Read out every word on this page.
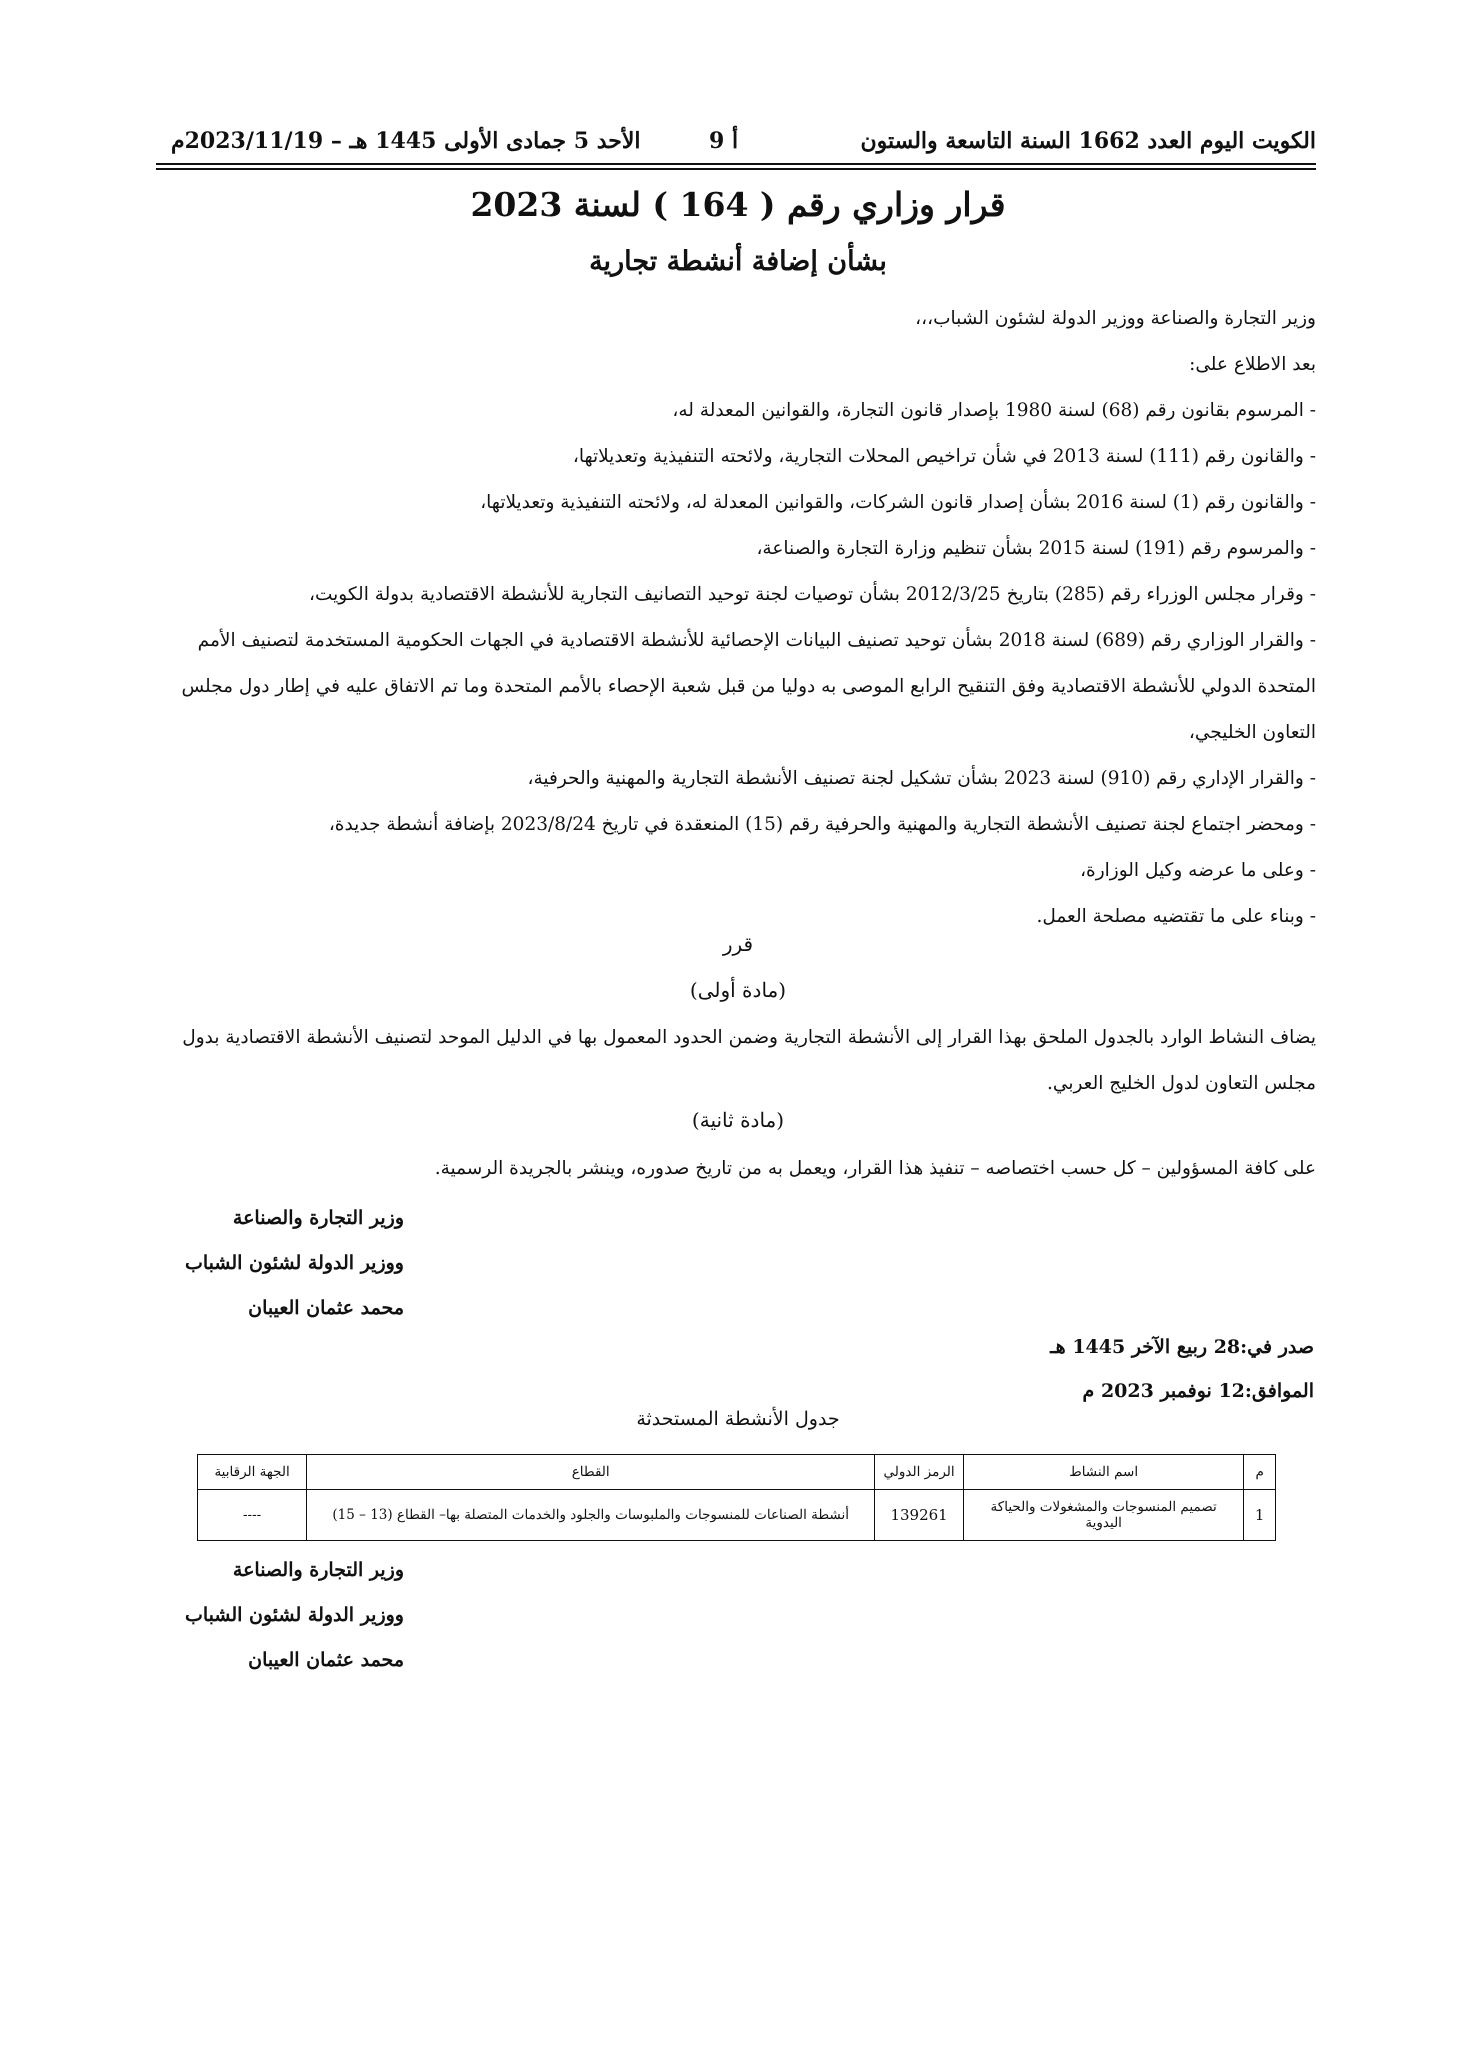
الكويت اليوم العدد 1662 السنة التاسعة والستون
أ 9
الأحد 5 جمادى الأولى 1445 هـ – 2023/11/19م
قرار وزاري رقم ( 164 ) لسنة 2023
بشأن إضافة أنشطة تجارية

وزير التجارة والصناعة ووزير الدولة لشئون الشباب،،،

بعد الاطلاع على:

- المرسوم بقانون رقم (68) لسنة 1980 بإصدار قانون التجارة، والقوانين المعدلة له،

- والقانون رقم (111) لسنة 2013 في شأن تراخيص المحلات التجارية، ولائحته التنفيذية وتعديلاتها،

- والقانون رقم (1) لسنة 2016 بشأن إصدار قانون الشركات، والقوانين المعدلة له، ولائحته التنفيذية وتعديلاتها،

- والمرسوم رقم (191) لسنة 2015 بشأن تنظيم وزارة التجارة والصناعة،

- وقرار مجلس الوزراء رقم (285) بتاريخ 2012/3/25 بشأن توصيات لجنة توحيد التصانيف التجارية للأنشطة الاقتصادية بدولة الكويت،

- والقرار الوزاري رقم (689) لسنة 2018 بشأن توحيد تصنيف البيانات الإحصائية للأنشطة الاقتصادية في الجهات الحكومية المستخدمة لتصنيف الأمم المتحدة الدولي للأنشطة الاقتصادية وفق التنقيح الرابع الموصى به دوليا من قبل شعبة الإحصاء بالأمم المتحدة وما تم الاتفاق عليه في إطار دول مجلس التعاون الخليجي،

- والقرار الإداري رقم (910) لسنة 2023 بشأن تشكيل لجنة تصنيف الأنشطة التجارية والمهنية والحرفية،

- ومحضر اجتماع لجنة تصنيف الأنشطة التجارية والمهنية والحرفية رقم (15) المنعقدة في تاريخ 2023/8/24 بإضافة أنشطة جديدة،

- وعلى ما عرضه وكيل الوزارة،

- وبناء على ما تقتضيه مصلحة العمل.

قرر
(مادة أولى)
يضاف النشاط الوارد بالجدول الملحق بهذا القرار إلى الأنشطة التجارية وضمن الحدود المعمول بها في الدليل الموحد لتصنيف الأنشطة الاقتصادية بدول مجلس التعاون لدول الخليج العربي.
(مادة ثانية)
على كافة المسؤولين – كل حسب اختصاصه – تنفيذ هذا القرار، ويعمل به من تاريخ صدوره، وينشر بالجريدة الرسمية.
وزير التجارة والصناعة
ووزير الدولة لشئون الشباب
محمد عثمان العيبان

صدر في:28 ربيع الآخر 1445 هـ

الموافق:12 نوفمبر 2023 م

جدول الأنشطة المستحدثة
م	اسم النشاط	الرمز الدولي	القطاع	الجهة الرقابية
1	تصميم المنسوجات والمشغولات والحياكة اليدوية	139261	أنشطة الصناعات للمنسوجات والملبوسات والجلود والخدمات المتصلة بها– القطاع (13 – 15)	----
وزير التجارة والصناعة
ووزير الدولة لشئون الشباب
محمد عثمان العيبان
